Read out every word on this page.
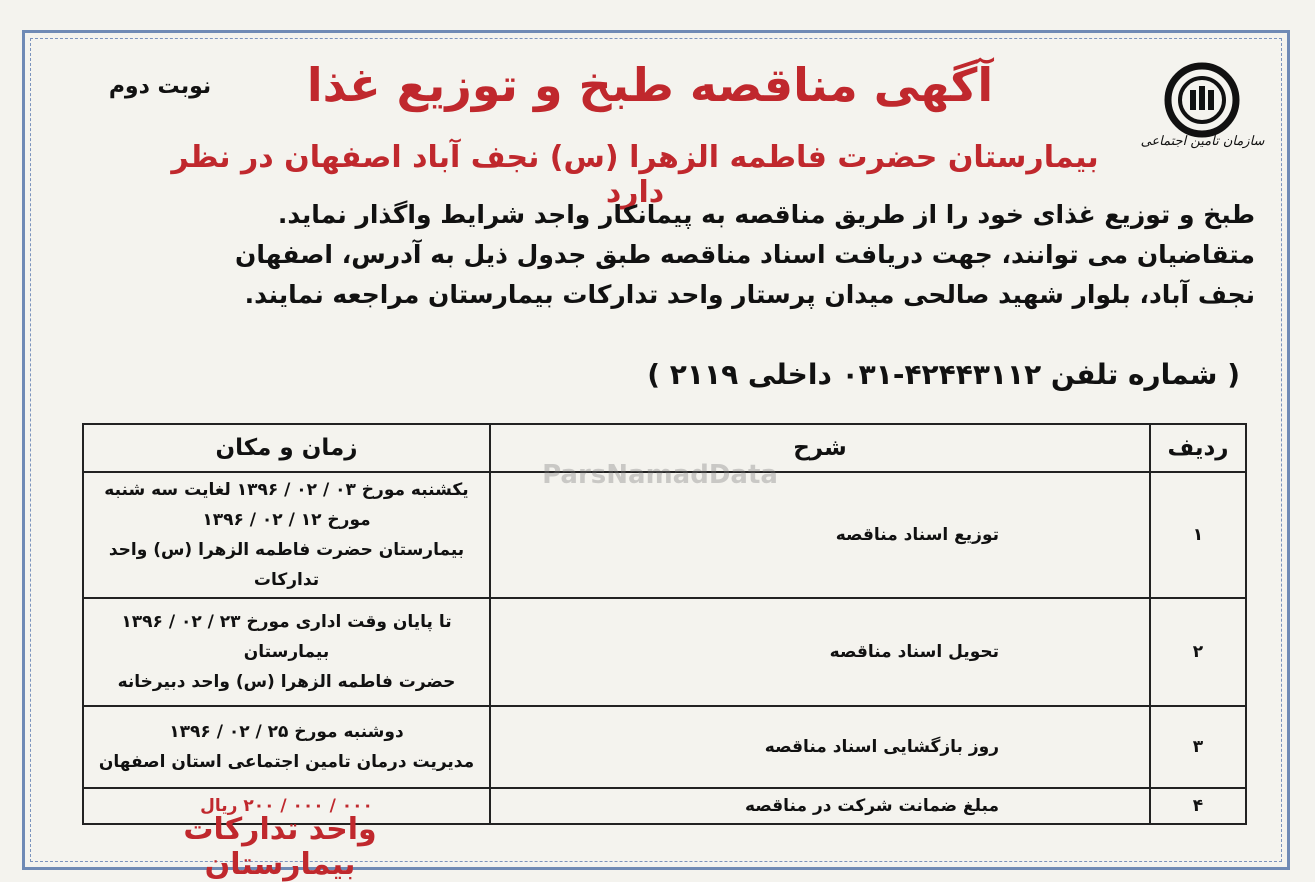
سازمان تأمین اجتماعی
نوبت دوم	آگهی مناقصه طبخ و توزیع غذا
بیمارستان حضرت فاطمه الزهرا (س) نجف آباد اصفهان در نظر دارد
طبخ و توزیع غذای خود را از طریق مناقصه به پیمانکار واجد شرایط واگذار نماید.
متقاضیان می توانند، جهت دریافت اسناد مناقصه طبق جدول ذیل به آدرس، اصفهان
نجف آباد، بلوار شهید صالحی میدان پرستار واحد تدارکات بیمارستان مراجعه نمایند.
( شماره تلفن ۴۲۴۴۳۱۱۲-۰۳۱ داخلی ۲۱۱۹ )
ردیف	شرح	زمان و مکان
۱	توزیع اسناد مناقصه	یکشنبه مورخ ۰۳ / ۰۲ / ۱۳۹۶ لغایت سه شنبه مورخ ۱۲ / ۰۲ / ۱۳۹۶
بیمارستان حضرت فاطمه الزهرا (س) واحد تدارکات

۲	تحویل اسناد مناقصه	تا پایان وقت اداری مورخ ۲۳ / ۰۲ / ۱۳۹۶ بیمارستان
حضرت فاطمه الزهرا (س) واحد دبیرخانه

۳	روز بازگشایی اسناد مناقصه	دوشنبه مورخ ۲۵ / ۰۲ / ۱۳۹۶
مدیریت درمان تامین اجتماعی استان اصفهان

۴	مبلغ ضمانت شرکت در مناقصه	۰۰۰ / ۰۰۰ / ۲۰۰ ریال
ParsNamadData
واحد تدارکات بیمارستان
